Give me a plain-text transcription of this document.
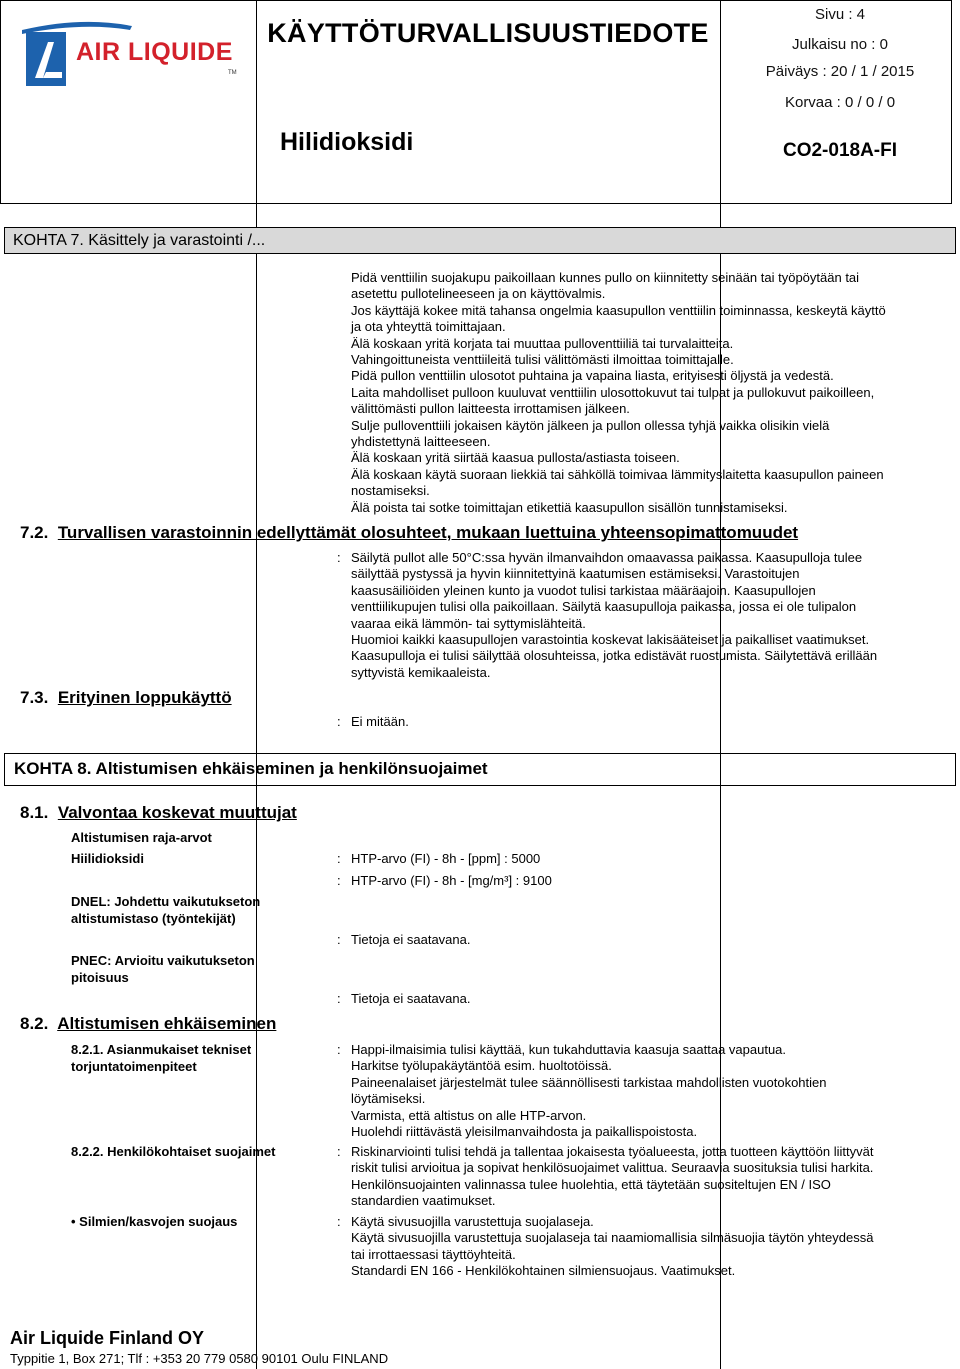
AIR LIQUIDE
TM
KÄYTTÖTURVALLISUUSTIEDOTE
Hilidioksidi
Sivu : 4
Julkaisu no : 0
Päiväys : 20 / 1 / 2015
Korvaa : 0 / 0 / 0
CO2-018A-FI
KOHTA 7. Käsittely ja varastointi /...
Pidä venttiilin suojakupu paikoillaan kunnes pullo on kiinnitetty seinään tai työpöytään tai
asetettu pullotelineeseen ja on käyttövalmis.
Jos käyttäjä kokee mitä tahansa ongelmia kaasupullon venttiilin toiminnassa, keskeytä käyttö
ja ota yhteyttä toimittajaan.
Älä koskaan yritä korjata tai muuttaa pulloventtiiliä tai turvalaitteita.
Vahingoittuneista venttiileitä tulisi välittömästi ilmoittaa toimittajalle.
Pidä pullon venttiilin ulosotot puhtaina ja vapaina liasta, erityisesti öljystä ja vedestä.
Laita mahdolliset pulloon kuuluvat venttiilin ulosottokuvut tai tulpat ja pullokuvut paikoilleen,
välittömästi pullon laitteesta irrottamisen jälkeen.
Sulje pulloventtiili jokaisen käytön jälkeen ja pullon ollessa tyhjä vaikka olisikin vielä
yhdistettynä laitteeseen.
Älä koskaan yritä siirtää kaasua pullosta/astiasta toiseen.
Älä koskaan käytä suoraan liekkiä tai sähköllä toimivaa lämmityslaitetta kaasupullon paineen
nostamiseksi.
Älä poista tai sotke toimittajan etikettiä kaasupullon sisällön tunnistamiseksi.
7.2. Turvallisen varastoinnin edellyttämät olosuhteet, mukaan luettuina yhteensopimattomuudet
: Säilytä pullot alle 50°C:ssa hyvän ilmanvaihdon omaavassa paikassa. Kaasupulloja tulee
säilyttää pystyssä ja hyvin kiinnitettyinä kaatumisen estämiseksi. Varastoitujen
kaasusäiliöiden yleinen kunto ja vuodot tulisi tarkistaa määräajoin. Kaasupullojen
venttiilikupujen tulisi olla paikoillaan. Säilytä kaasupulloja paikassa, jossa ei ole tulipalon
vaaraa eikä lämmön- tai syttymislähteitä.
Huomioi kaikki kaasupullojen varastointia koskevat lakisääteiset ja paikalliset vaatimukset.
Kaasupulloja ei tulisi säilyttää olosuhteissa, jotka edistävät ruostumista. Säilytettävä erillään
syttyvistä kemikaaleista.
7.3. Erityinen loppukäyttö
: Ei mitään.
KOHTA 8. Altistumisen ehkäiseminen ja henkilönsuojaimet
8.1. Valvontaa koskevat muuttujat
Altistumisen raja-arvot
Hiilidioksidi	: HTP-arvo (FI) - 8h - [ppm] : 5000
: HTP-arvo (FI) - 8h - [mg/m³] : 9100
DNEL: Johdettu vaikutukseton
altistumistaso (työntekijät)
: Tietoja ei saatavana.
PNEC: Arvioitu vaikutukseton
pitoisuus
: Tietoja ei saatavana.
8.2. Altistumisen ehkäiseminen
8.2.1. Asianmukaiset tekniset
torjuntatoimenpiteet
: Happi-ilmaisimia tulisi käyttää, kun tukahduttavia kaasuja saattaa vapautua.
Harkitse työlupakäytäntöä esim. huoltotöissä.
Paineenalaiset järjestelmät tulee säännöllisesti tarkistaa mahdollisten vuotokohtien
löytämiseksi.
Varmista, että altistus on alle HTP-arvon.
Huolehdi riittävästä yleisilmanvaihdosta ja paikallispoistosta.
8.2.2. Henkilökohtaiset suojaimet	: Riskinarviointi tulisi tehdä ja tallentaa jokaisesta työalueesta, jotta tuotteen käyttöön liittyvät
riskit tulisi arvioitua ja sopivat henkilösuojaimet valittua. Seuraavia suosituksia tulisi harkita.
Henkilönsuojainten valinnassa tulee huolehtia, että täytetään suositeltujen EN / ISO
standardien vaatimukset.
• Silmien/kasvojen suojaus	: Käytä sivusuojilla varustettuja suojalaseja.
Käytä sivusuojilla varustettuja suojalaseja tai naamiomallisia silmäsuojia täytön yhteydessä
tai irrottaessasi täyttöyhteitä.
Standardi EN 166 - Henkilökohtainen silmiensuojaus. Vaatimukset.
Air Liquide Finland OY
Typpitie 1, Box 271; Tlf : +353 20 779 0580 90101 Oulu FINLAND
